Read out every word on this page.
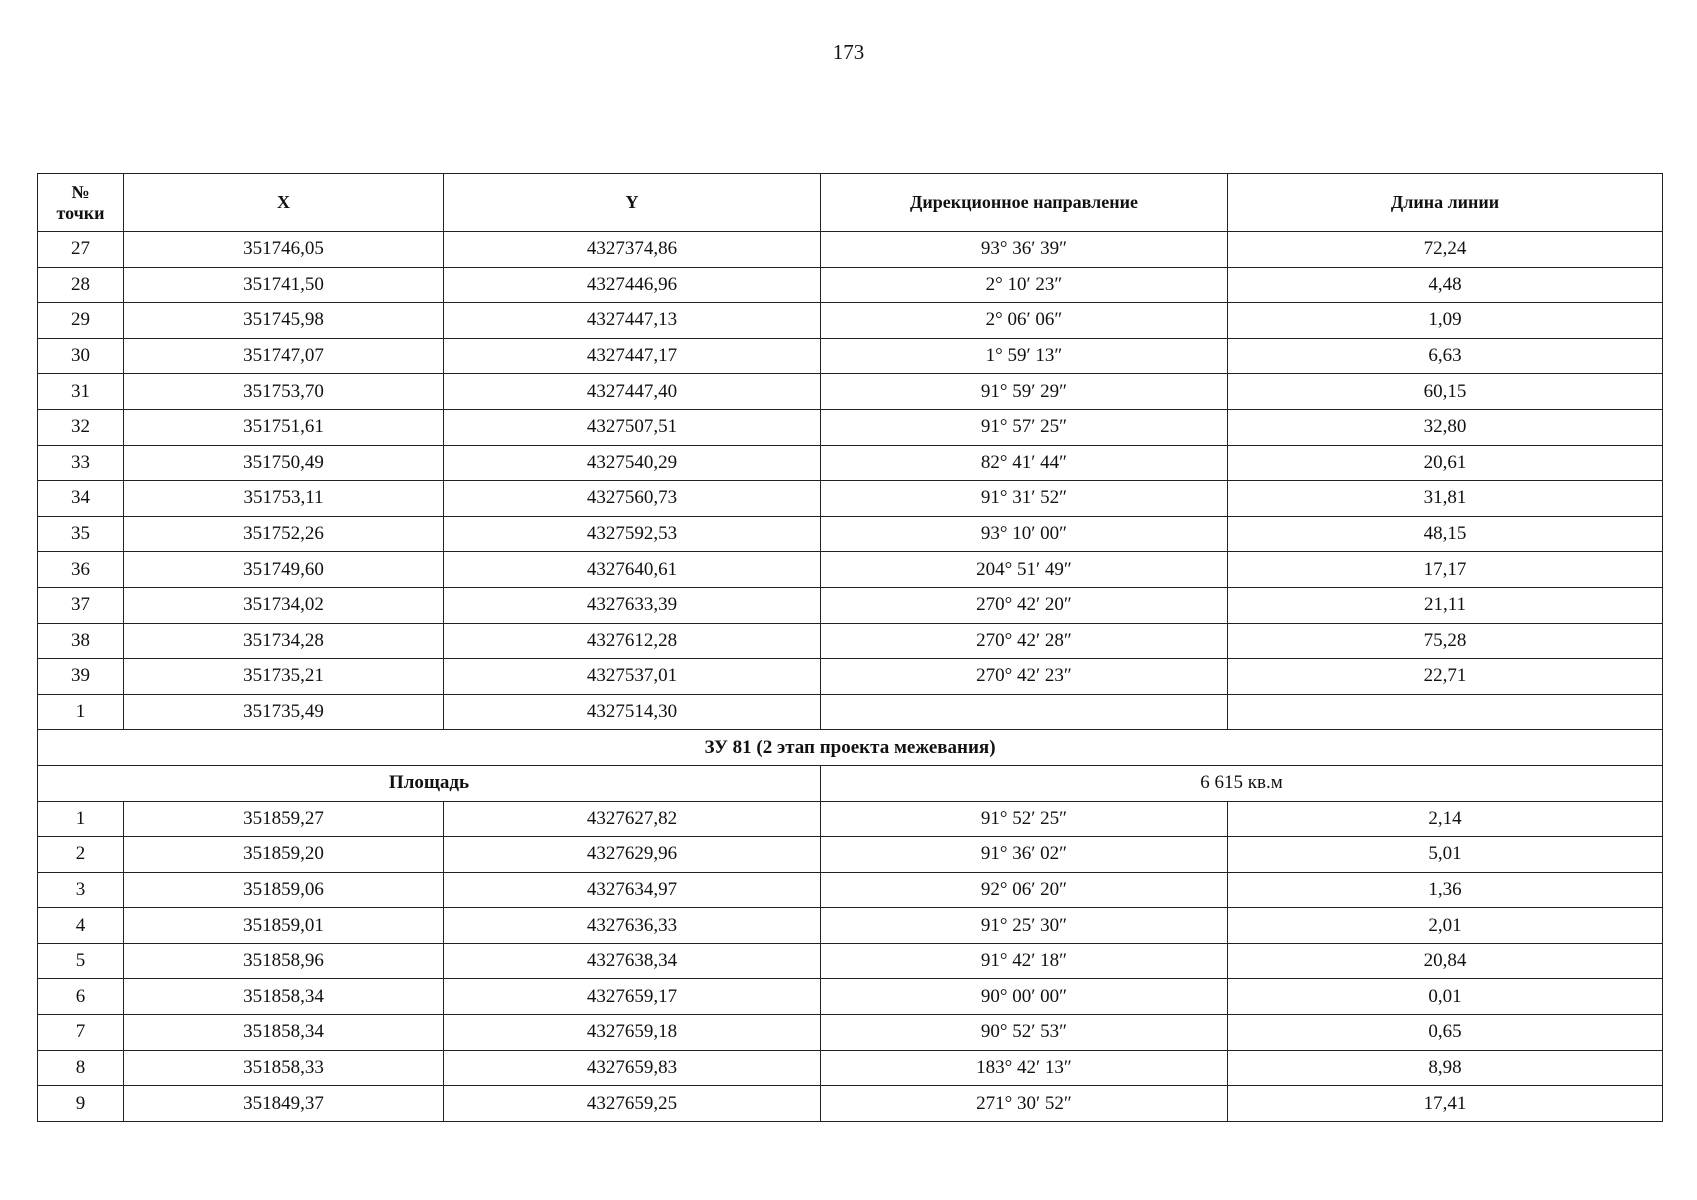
173
№
точки	X	Y	Дирекционное направление	Длина линии
27	351746,05	4327374,86	93° 36′ 39″	72,24
28	351741,50	4327446,96	2° 10′ 23″	4,48
29	351745,98	4327447,13	2° 06′ 06″	1,09
30	351747,07	4327447,17	1° 59′ 13″	6,63
31	351753,70	4327447,40	91° 59′ 29″	60,15
32	351751,61	4327507,51	91° 57′ 25″	32,80
33	351750,49	4327540,29	82° 41′ 44″	20,61
34	351753,11	4327560,73	91° 31′ 52″	31,81
35	351752,26	4327592,53	93° 10′ 00″	48,15
36	351749,60	4327640,61	204° 51′ 49″	17,17
37	351734,02	4327633,39	270° 42′ 20″	21,11
38	351734,28	4327612,28	270° 42′ 28″	75,28
39	351735,21	4327537,01	270° 42′ 23″	22,71
1	351735,49	4327514,30		
ЗУ 81 (2 этап проекта межевания)				
Площадь			6 615 кв.м	
1	351859,27	4327627,82	91° 52′ 25″	2,14
2	351859,20	4327629,96	91° 36′ 02″	5,01
3	351859,06	4327634,97	92° 06′ 20″	1,36
4	351859,01	4327636,33	91° 25′ 30″	2,01
5	351858,96	4327638,34	91° 42′ 18″	20,84
6	351858,34	4327659,17	90° 00′ 00″	0,01
7	351858,34	4327659,18	90° 52′ 53″	0,65
8	351858,33	4327659,83	183° 42′ 13″	8,98
9	351849,37	4327659,25	271° 30′ 52″	17,41
